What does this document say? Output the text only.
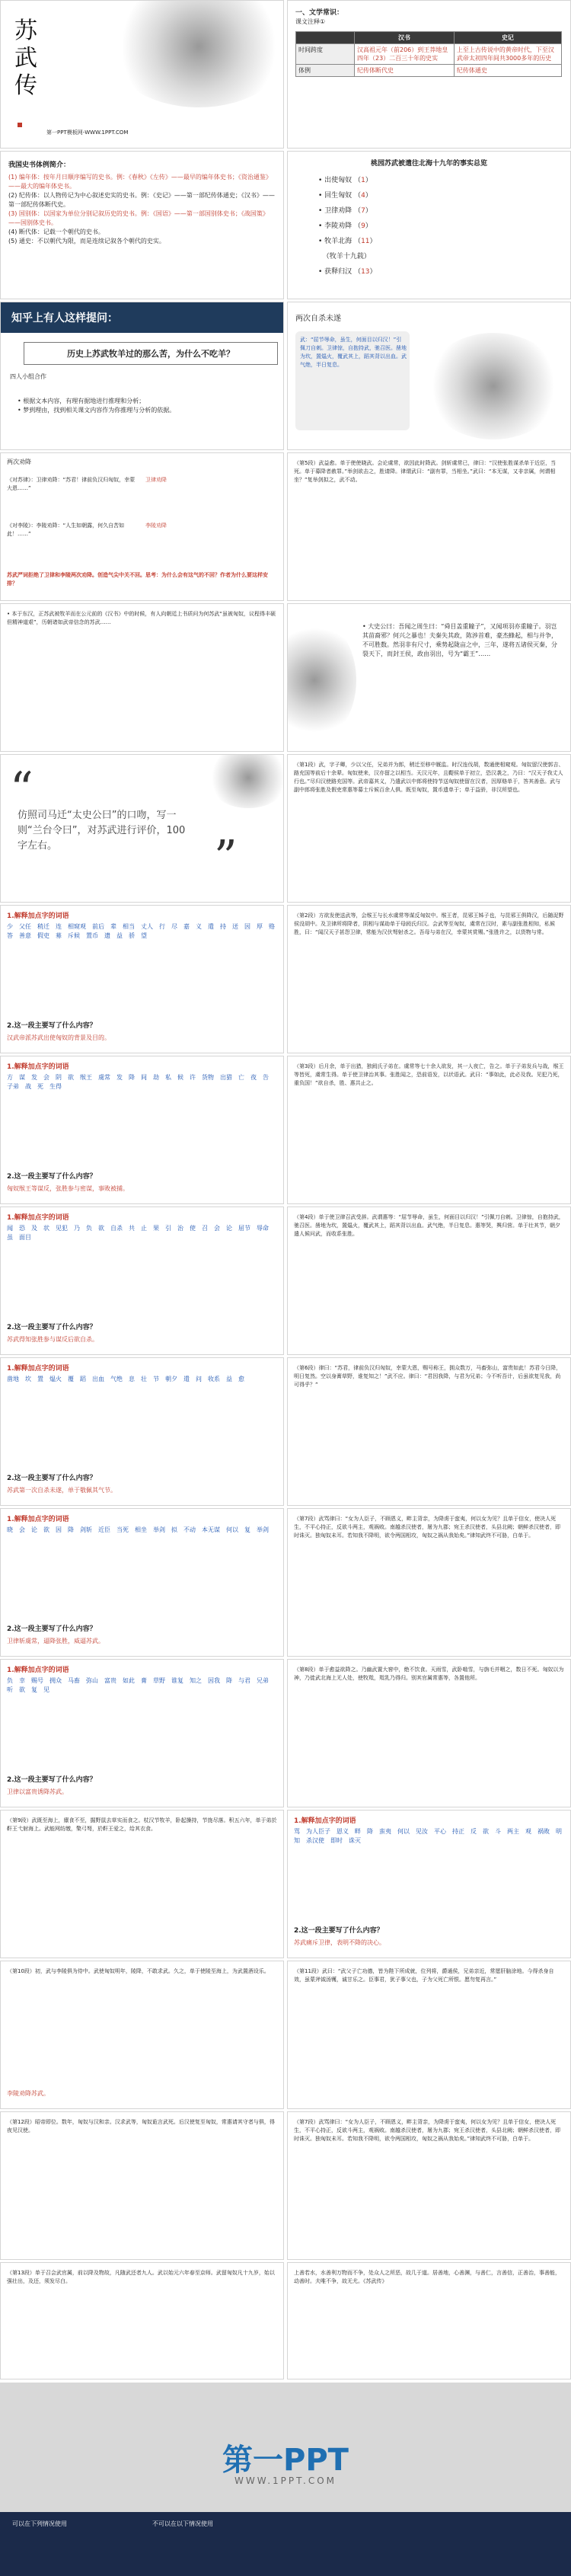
苏
武
传
第一PPT模板网-WWW.1PPT.COM
一、文学常识：
课文注释①
	汉书	史记
时间跨度	汉高祖元年（前206）到王莽地皇四年（23）二百三十年的史实	上至上古传说中的黄帝时代，下至汉武帝太初四年间共3000多年的历史
体例	纪传体断代史	纪传体通史
我国史书体例简介：
(1) 编年体：按年月日顺序编写的史书。例：《春秋》《左传》——最早的编年体史书；《资治通鉴》——最大的编年体史书。
(2) 纪传体：以人物传记为中心叙述史实的史书。例：《史记》——第一部纪传体通史；《汉书》——第一部纪传体断代史。
(3) 国别体：以国家为单位分别记叙历史的史书。例：《国语》——第一部国别体史书；《战国策》——国别体史书。
(4) 断代体：记载一个朝代的史书。
(5) 通史：不以朝代为限，而是连续记叙各个朝代的史实。
桃园苏武被遣往北海十九年的事实总览
• 出使匈奴 （1）
• 回生匈奴 （4）
• 卫律劝降 （7）
• 李陵劝降 （9）
• 牧羊北海 （11）
（牧羊十九载）
• 获释归汉 （13）
知乎上有人这样提问：
历史上苏武牧羊过的那么苦，为什么不吃羊？
四人小组合作
• 根据文本内容，有理有据地进行推理和分析；
• 梦到理由，找到相关课文内容作为你推理与分析的依据。
两次自杀未遂
武：“屈节辱命，虽生，何面目以归汉！”引佩刀自刺。卫律惊，自抱持武，驰召医。凿地为坎，置煴火，覆武其上，蹈其背以出血。武气绝，半日复息。
两次劝降
《对苏律》：卫律劝降：“苏君！律前负汉归匈奴，幸蒙大恩……”
《对李陵》：李陵劝降：“人生如朝露，何久自苦如此！……”
卫律劝降
李陵劝降
苏武严词拒绝了卫律和李陵两次劝降。创造气尖中关不回。思考：为什么会有这气的不回？作者为什么要这样安排？
（第5段）武益愈。单于使使晓武。会论虞常，欲因此时降武。剑斩虞常已，律曰：“汉使张胜谋杀单于近臣，当死。单于募降者赦罪。”举剑欲击之，胜请降。律谓武曰：“副有罪，当相坐。”武曰：“本无谋，又非亲属，何谓相坐？”复举剑拟之，武不动。
• 本于东汉，正苏武被牧羊而在公元前的《汉书》中的时候，有人向朝廷上书质问为何苏武“虽被匈奴，议程得丰硕但精神道艰”，历朝诸如武帝信念的苏武……
• 大史公曰：吾闻之周生曰：“舜目盖重瞳子”，又闻项羽亦重瞳子。羽岂其苗裔邪？何兴之暴也！夫秦失其政，陈涉首难，豪杰蜂起，相与并争，不可胜数。然羽非有尺寸，乘势起陇亩之中，三年，遂将五诸侯灭秦，分裂天下，而封王侯，政由羽出，号为“霸王”……
“
仿照司马迁“太史公曰”的口吻，写一则“兰台令曰”，对苏武进行评价，100字左右。	”
（第1段）武，字子卿，少以父任，兄弟并为郎，稍迁至移中厩监。时汉连伐胡，数通使相窥观。匈奴留汉使郭吉、路充国等前后十余辈。匈奴使来，汉亦留之以相当。天汉元年，且鞮侯单于初立，恐汉袭之，乃曰：“汉天子我丈人行也。”尽归汉使路充国等。武帝嘉其义，乃遣武以中郎将使持节送匈奴使留在汉者，因厚赂单于，答其善意。武与副中郎将张胜及假吏常惠等募士斥候百余人俱。既至匈奴，置币遗单于；单于益骄，非汉所望也。
1.解释加点字的词语
少　 父任　 稍迁　 连　 相窥观　 前后　 辈　 相当　 丈人　 行　 尽　 嘉　 义　 遣　 持　 送　 因　 厚　 赂　答　 善意　 假吏　 募　 斥候　 置币　 遗　 益　 骄　 望
2.这一段主要写了什么内容？
汉武帝派苏武出使匈奴的背景及目的。
（第2段）方欲发使送武等，会缑王与长水虞常等谋反匈奴中。缑王者，昆邪王姊子也，与昆邪王俱降汉，后随浞野侯没胡中。及卫律所将降者，阴相与谋劫单于母阏氏归汉。会武等至匈奴，虞常在汉时，素与副张胜相知，私候胜，曰：“闻汉天子甚怨卫律，常能为汉伏弩射杀之。吾母与弟在汉，幸蒙其赏赐。”张胜许之，以货物与常。
1.解释加点字的词语
方　 谋　 发　 会　 阴　 欲　 缑王　 虞常　 发　 降　 间　 劫　 私　 候　 许　 货物　 出猎　 亡　 夜　 告　子弟　 战　 死　 生得
2.这一段主要写了什么内容？
匈奴缑王等谋反，张胜参与密谋，事败被捕。
（第3段）后月余，单于出猎，独阏氏子弟在。虞常等七十余人欲发，其一人夜亡，告之。单于子弟发兵与战，缑王等皆死，虞常生得。单于使卫律治其事。张胜闻之，恐前语发，以状语武。武曰：“事如此，此必及我。见犯乃死，重负国！”欲自杀，胜、惠共止之。
1.解释加点字的词语
闻　 恐　 及　 状　 见犯　 乃　 负　 欲　 自杀　 共　 止　 果　 引　 治　 使　 召　 会　 论　 屈节　 辱命　虽　 面目
2.这一段主要写了什么内容？
苏武得知张胜参与谋反后欲自杀。
（第4段）单于使卫律召武受辞。武谓惠等：“屈节辱命，虽生，何面目以归汉！”引佩刀自刺。卫律惊，自抱持武，驰召医。凿地为坎，置煴火，覆武其上，蹈其背以出血。武气绝，半日复息。惠等哭，舆归营。单于壮其节，朝夕遣人候问武，而收系张胜。
1.解释加点字的词语
凿地　 坎　 置　 煴火　 覆　 蹈　 出血　 气绝　 息　 壮　 节　 朝夕　 遣　 问　 收系　 益　 愈
2.这一段主要写了什么内容？
苏武第一次自杀未遂，单于敬佩其气节。
（第6段）律曰：“苏君，律前负汉归匈奴，幸蒙大恩，赐号称王，拥众数万，马畜弥山，富贵如此！苏君今日降，明日复然。空以身膏草野，谁复知之！”武不应。律曰：“君因我降，与君为兄弟；今不听吾计，后虽欲复见我，尚可得乎？”
1.解释加点字的词语
晓　 会　 论　 欲　 因　 降　 剑斩　 近臣　 当死　 相坐　 举剑　 拟　 不动　 本无谋　 何以　 复　 举剑
2.这一段主要写了什么内容？
卫律斩虞常，逼降张胜，威逼苏武。
（第7段）武骂律曰：“女为人臣子，不顾恩义，畔主背亲，为降虏于蛮夷，何以女为见？且单于信女，使决人死生，不平心持正，反欲斗两主，观祸败。南越杀汉使者，屠为九郡；宛王杀汉使者，头县北阙；朝鲜杀汉使者，即时诛灭。独匈奴未耳。若知我不降明，欲令两国相攻，匈奴之祸从我始矣。”律知武终不可胁，白单于。
1.解释加点字的词语
负　 幸　 赐号　 拥众　 马畜　 弥山　 富贵　 如此　 膏　 草野　 谁复　 知之　 因我　 降　 与君　 兄弟　听　 欲　 复　 见
2.这一段主要写了什么内容？
卫律以富贵诱降苏武。
（第8段）单于愈益欲降之。乃幽武置大窖中，绝不饮食。天雨雪，武卧啮雪，与旃毛并咽之，数日不死。匈奴以为神，乃徙武北海上无人处，使牧羝，羝乳乃得归。别其官属常惠等，各置他所。
（第9段）武既至海上，廪食不至，掘野鼠去草实而食之。杖汉节牧羊，卧起操持，节旄尽落。积五六年，单于弟於靬王弋射海上。武能网纺缴，檠弓弩，於靬王爱之，给其衣食。
1.解释加点字的词语
骂　 为人臣子　 恩义　 畔　 降　 蛮夷　 何以　 见汝　 平心　 持正　 反　 欲　 斗　 两主　 观　 祸败　 明知　 杀汉使　 即时　 诛灭
2.这一段主要写了什么内容？
苏武痛斥卫律，表明不降的决心。
（第10段）初，武与李陵俱为侍中。武使匈奴明年，陵降，不敢求武。久之，单于使陵至海上，为武置酒设乐。
李陵劝降苏武。
（第11段）武曰：“武父子亡功德，皆为陛下所成就，位列将，爵通侯，兄弟亲近，常愿肝脑涂地。今得杀身自效，虽蒙斧钺汤镬，诚甘乐之。臣事君，犹子事父也，子为父死亡所恨。愿勿复再言。”
（第12段）昭帝即位。数年，匈奴与汉和亲。汉求武等，匈奴诡言武死。后汉使复至匈奴，常惠请其守者与俱，得夜见汉使。
（第7段）武骂律曰：“女为人臣子，不顾恩义，畔主背亲，为降虏于蛮夷，何以女为见？且单于信女，使决人死生，不平心持正，反欲斗两主，观祸败。南越杀汉使者，屠为九郡；宛王杀汉使者，头县北阙；朝鲜杀汉使者，即时诛灭。独匈奴未耳。若知我不降明，欲令两国相攻，匈奴之祸从我始矣。”律知武终不可胁，白单于。
（第13段）单于召会武官属，前以降及物故，凡随武还者九人。武以始元六年春至京师。武留匈奴凡十九岁，始以强壮出，及还，须发尽白。
上善若水，水善利万物而不争，处众人之所恶，故几于道。居善地，心善渊，与善仁，言善信，正善治，事善能，动善时。夫唯不争，故无尤。《苏武传》
第一PPT
WWW.1PPT.COM
可以在下列情况使用	不可以在以下情况使用
